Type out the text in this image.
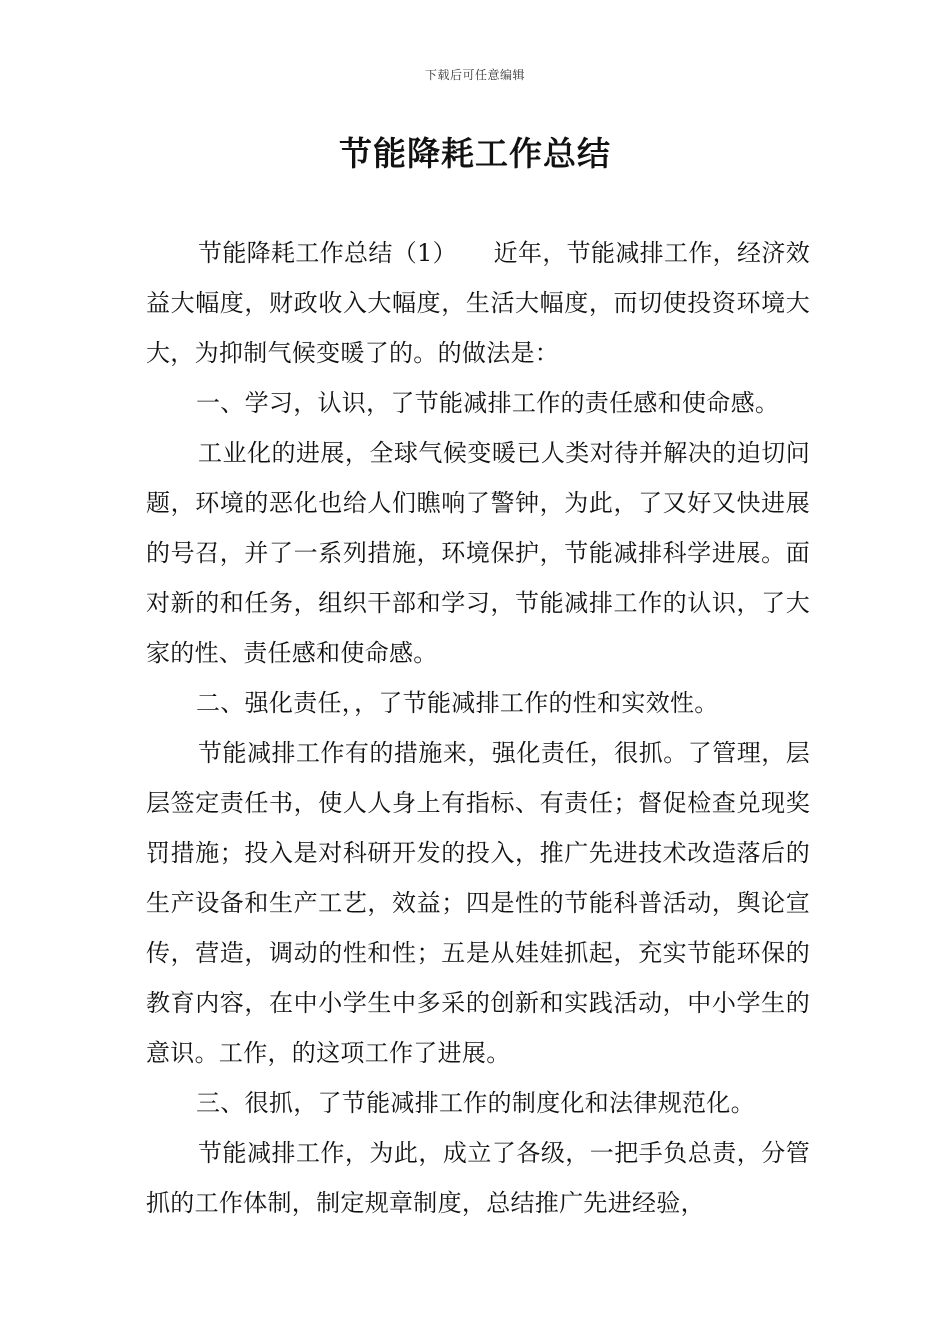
下载后可任意编辑
节能降耗工作总结

节能降耗工作总结（1）　　近年，节能减排工作，经济效益大幅度，财政收入大幅度，生活大幅度，而切使投资环境大大，为抑制气候变暖了的。的做法是：

一、学习，认识，了节能减排工作的责任感和使命感。

工业化的进展，全球气候变暖已人类对待并解决的迫切问题，环境的恶化也给人们瞧响了警钟，为此，了又好又快进展的号召，并了一系列措施，环境保护，节能减排科学进展。面对新的和任务，组织干部和学习，节能减排工作的认识，了大家的性、责任感和使命感。

二、强化责任，，了节能减排工作的性和实效性。

节能减排工作有的措施来，强化责任，很抓。了管理，层层签定责任书，使人人身上有指标、有责任；督促检查兑现奖罚措施；投入是对科研开发的投入，推广先进技术改造落后的生产设备和生产工艺，效益；四是性的节能科普活动，舆论宣传，营造，调动的性和性；五是从娃娃抓起，充实节能环保的教育内容，在中小学生中多采的创新和实践活动，中小学生的意识。工作，的这项工作了进展。

三、很抓，了节能减排工作的制度化和法律规范化。

节能减排工作，为此，成立了各级，一把手负总责，分管抓的工作体制，制定规章制度，总结推广先进经验，
